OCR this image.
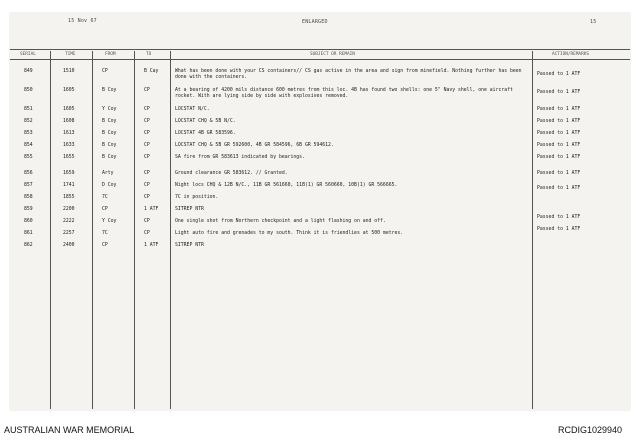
15 Nov 67	ENLARGED	15
SERIAL	TIME	FROM	TO	SUBJECT OR REMAIN	ACTION/REMARKS
849	1510	CP	B Cay	What has been done with your CS containers// CS gas active in the area and sign from minefield. Nothing further has been done with the containers.
Passed to 1 ATF
850	1605	B Coy	CP	At a bearing of 4200 mils distance 600 metres from this loc. 4B has found two shells: one 5" Navy shell, one aircraft rocket. With are lying side by side with explosives removed.
Passed to 1 ATF
851	1605	Y Coy	CP	LOCSTAT N/C.	Passed to 1 ATF
852	1608	B Coy	CP	LOCSTAT CHQ & 5B N/C.	Passed to 1 ATF
853	1613	B Coy	CP	LOCSTAT 4B GR 583596.	Passed to 1 ATF
854	1633	B Coy	CP	LOCSTAT CHQ & 5B GR 592600, 4B GR 584596, 6B GR 594612.	Passed to 1 ATF
855	1655	B Coy	CP	SA fire from GR 583613 indicated by bearings.	Passed to 1 ATF
856	1659	Arty	CP	Ground clearance GR 583612. // Granted.	Passed to 1 ATF
857	1741	D Coy	CP	Night locs CHQ & 12B N/C., 11B GR 561660, 11B(1) GR 560660, 10B(1) GR 566665.
Passed to 1 ATF
858	1855	7C	CP	7C in position.
859	2200	CP	1 ATF	SITREP NTR
860	2222	Y Coy	CP	One single shot from Northern checkpoint and a light flashing on and off.
Passed to 1 ATF
861	2257	7C	CP	Light auto fire and grenades to my south. Think it is friendlies at 500 metres.
Passed to 1 ATF
862	2400	CP	1 ATF	SITREP NTR
AUSTRALIAN WAR MEMORIAL	RCDIG1029940
